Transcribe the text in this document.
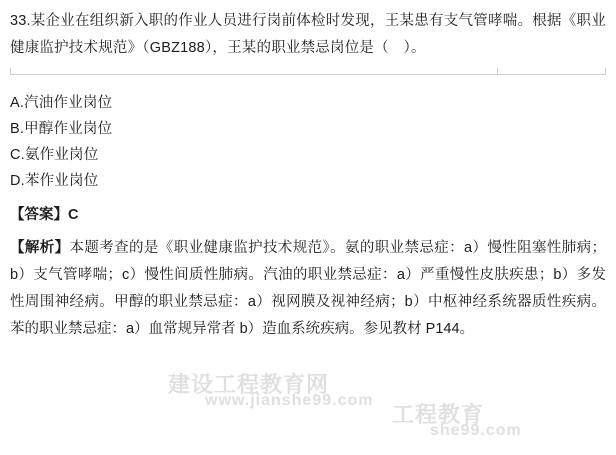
33.某企业在组织新入职的作业人员进行岗前体检时发现，王某患有支气管哮喘。根据《职业健康监护技术规范》（GBZ188），王某的职业禁忌岗位是（　）。

A.汽油作业岗位
B.甲醇作业岗位
C.氨作业岗位
D.苯作业岗位
【答案】C
【解析】本题考查的是《职业健康监护技术规范》。氨的职业禁忌症：a）慢性阻塞性肺病；b）支气管哮喘；c）慢性间质性肺病。汽油的职业禁忌症：a）严重慢性皮肤疾患；b）多发性周围神经病。甲醇的职业禁忌症：a）视网膜及视神经病；b）中枢神经系统器质性疾病。苯的职业禁忌症：a）血常规异常者 b）造血系统疾病。参见教材 P144。
建设工程教育网
www.jianshe99.com
工程教育
she99.com
